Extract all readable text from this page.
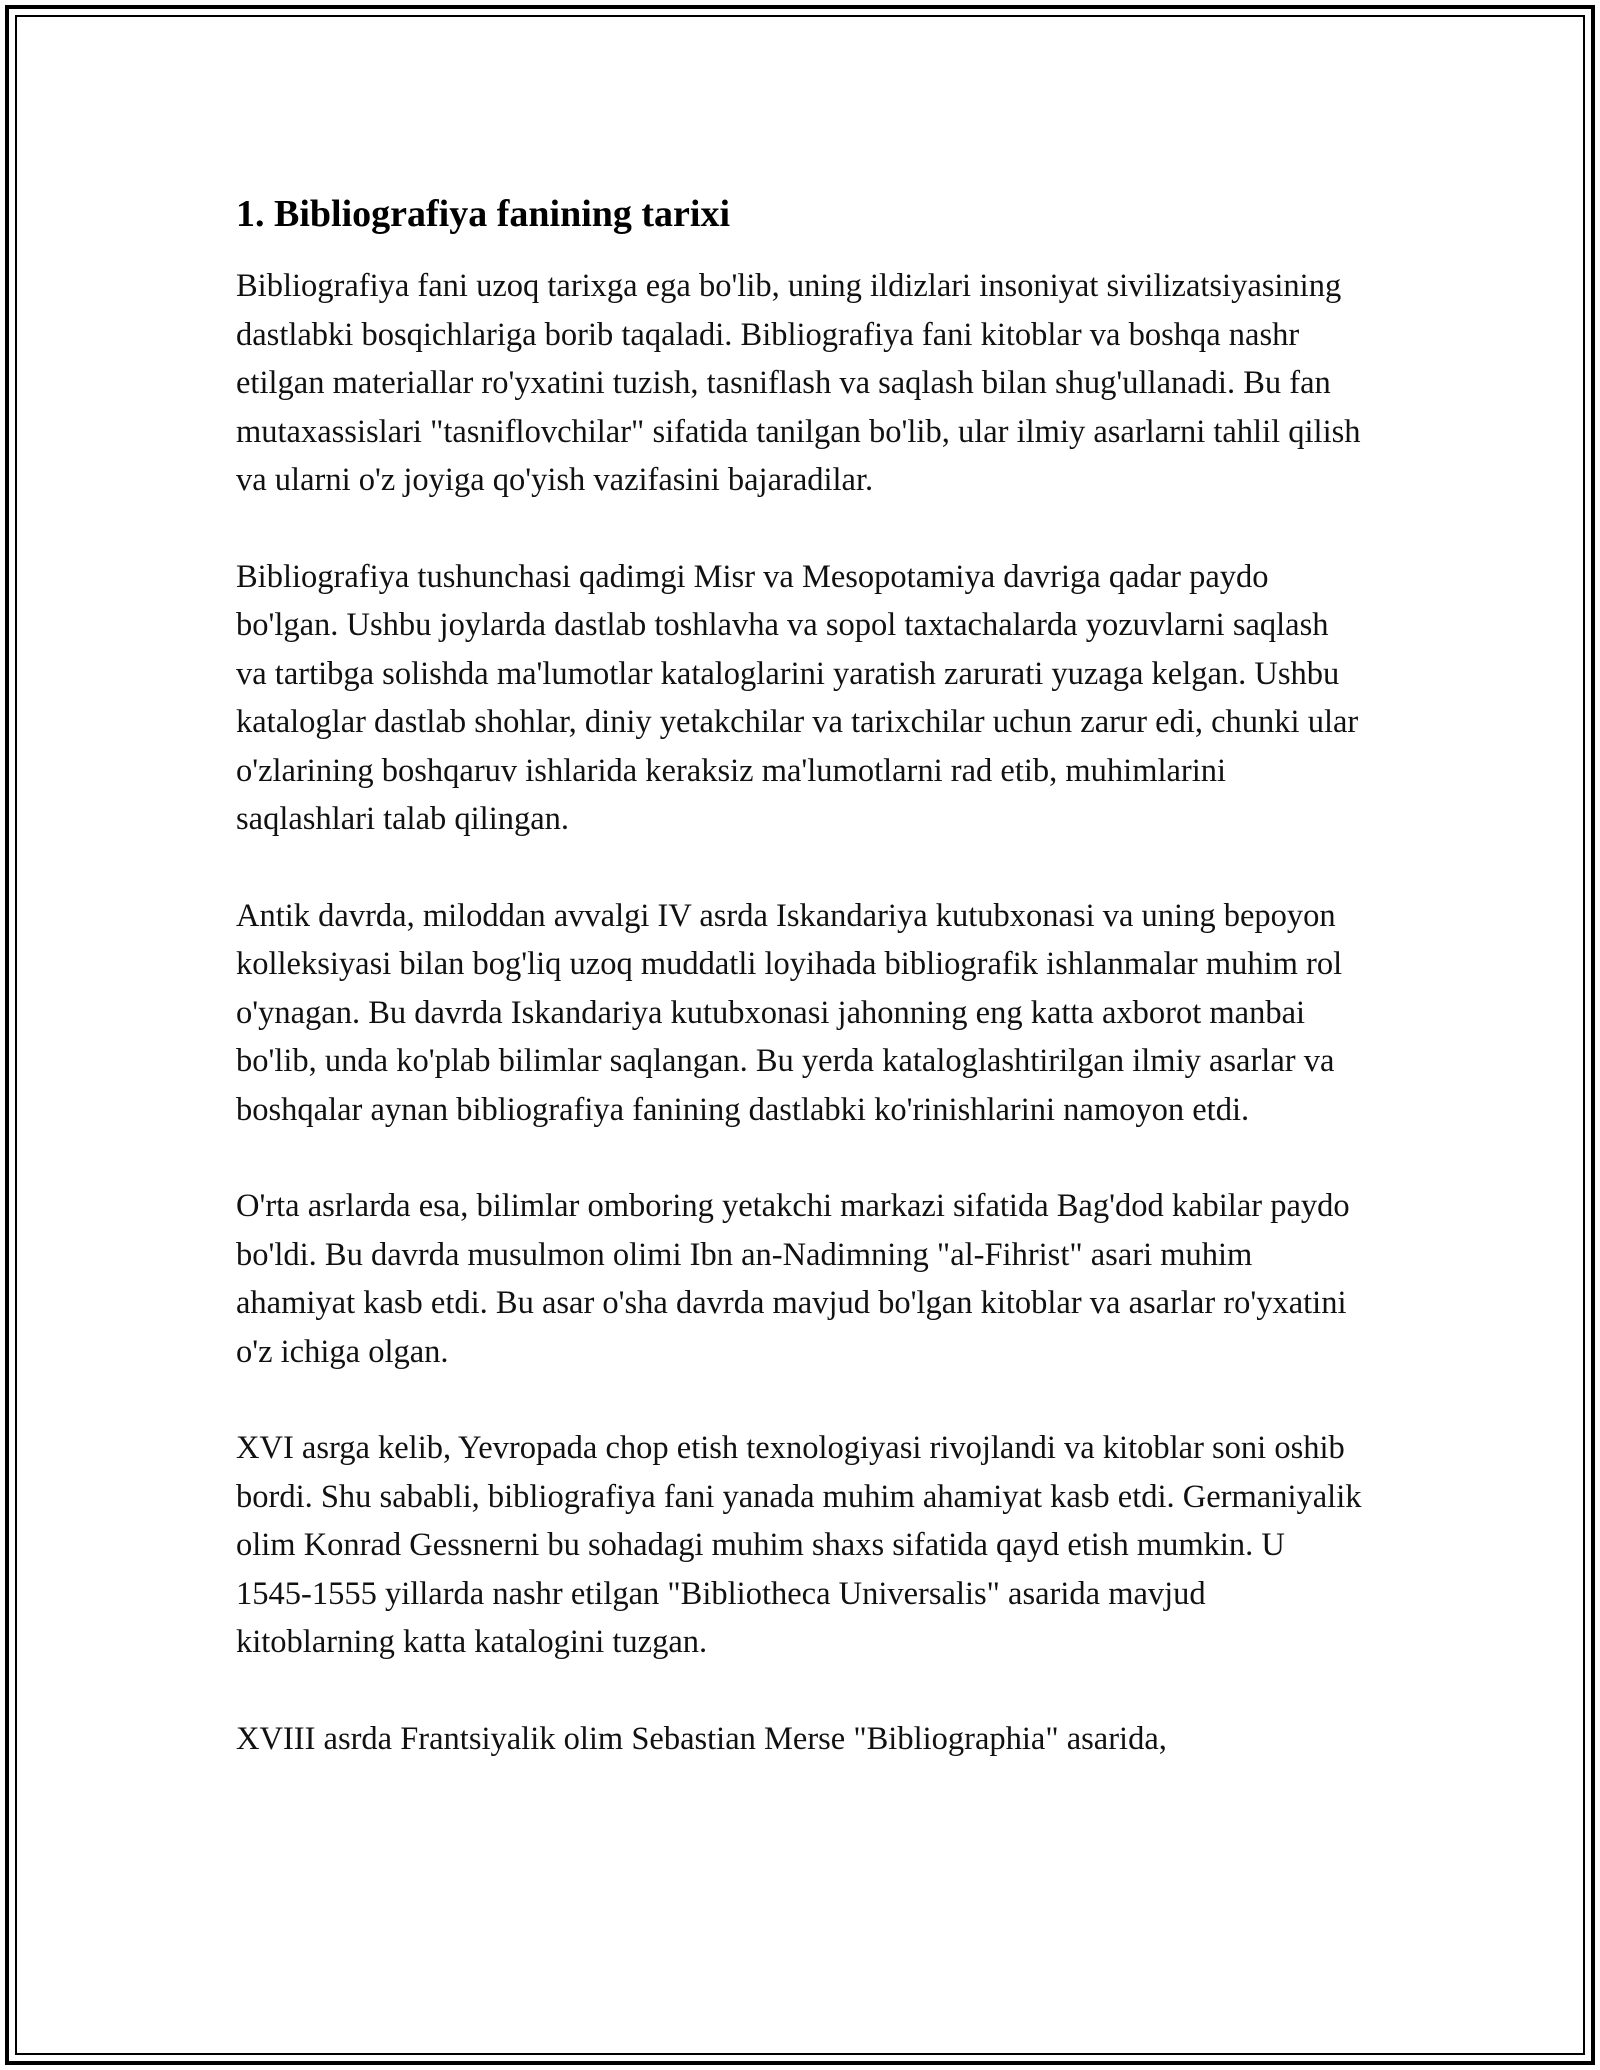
1. Bibliografiya fanining tarixi

Bibliografiya fani uzoq tarixga ega bo'lib, uning ildizlari insoniyat sivilizatsiyasining dastlabki bosqichlariga borib taqaladi. Bibliografiya fani kitoblar va boshqa nashr etilgan materiallar ro'yxatini tuzish, tasniflash va saqlash bilan shug'ullanadi. Bu fan mutaxassislari "tasniflovchilar" sifatida tanilgan bo'lib, ular ilmiy asarlarni tahlil qilish va ularni o'z joyiga qo'yish vazifasini bajaradilar.

Bibliografiya tushunchasi qadimgi Misr va Mesopotamiya davriga qadar paydo bo'lgan. Ushbu joylarda dastlab toshlavha va sopol taxtachalarda yozuvlarni saqlash va tartibga solishda ma'lumotlar kataloglarini yaratish zarurati yuzaga kelgan. Ushbu kataloglar dastlab shohlar, diniy yetakchilar va tarixchilar uchun zarur edi, chunki ular o'zlarining boshqaruv ishlarida keraksiz ma'lumotlarni rad etib, muhimlarini saqlashlari talab qilingan.

Antik davrda, miloddan avvalgi IV asrda Iskandariya kutubxonasi va uning bepoyon kolleksiyasi bilan bog'liq uzoq muddatli loyihada bibliografik ishlanmalar muhim rol o'ynagan. Bu davrda Iskandariya kutubxonasi jahonning eng katta axborot manbai bo'lib, unda ko'plab bilimlar saqlangan. Bu yerda kataloglashtirilgan ilmiy asarlar va boshqalar aynan bibliografiya fanining dastlabki ko'rinishlarini namoyon etdi.

O'rta asrlarda esa, bilimlar omboring yetakchi markazi sifatida Bag'dod kabilar paydo bo'ldi. Bu davrda musulmon olimi Ibn an-Nadimning "al-Fihrist" asari muhim ahamiyat kasb etdi. Bu asar o'sha davrda mavjud bo'lgan kitoblar va asarlar ro'yxatini o'z ichiga olgan.

XVI asrga kelib, Yevropada chop etish texnologiyasi rivojlandi va kitoblar soni oshib bordi. Shu sababli, bibliografiya fani yanada muhim ahamiyat kasb etdi. Germaniyalik olim Konrad Gessnerni bu sohadagi muhim shaxs sifatida qayd etish mumkin. U 1545-1555 yillarda nashr etilgan "Bibliotheca Universalis" asarida mavjud kitoblarning katta katalogini tuzgan.

XVIII asrda Frantsiyalik olim Sebastian Merse "Bibliographia" asarida,
